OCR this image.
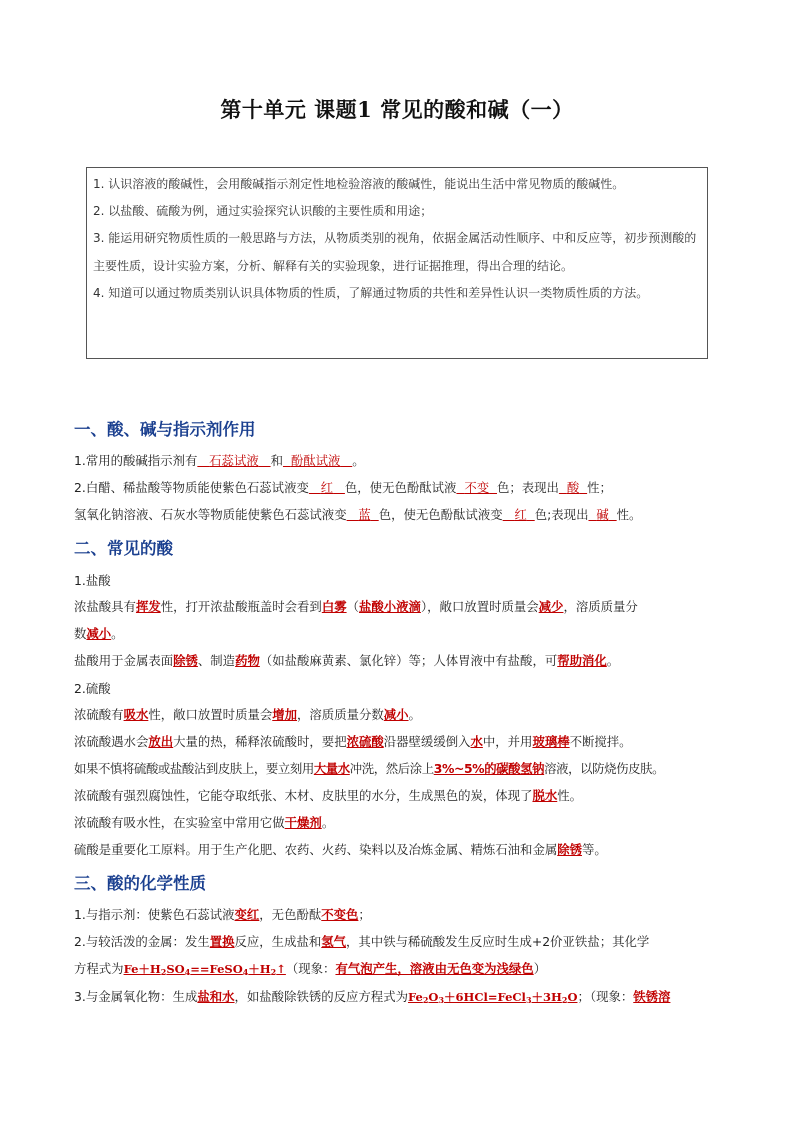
第十单元 课题1 常见的酸和碱（一）
1. 认识溶液的酸碱性，会用酸碱指示剂定性地检验溶液的酸碱性，能说出生活中常见物质的酸碱性。
2. 以盐酸、硫酸为例，通过实验探究认识酸的主要性质和用途；
3. 能运用研究物质性质的一般思路与方法，从物质类别的视角，依据金属活动性顺序、中和反应等，初步预测酸的主要性质，设计实验方案，分析、解释有关的实验现象，进行证据推理，得出合理的结论。
4. 知道可以通过物质类别认识具体物质的性质，了解通过物质的共性和差异性认识一类物质性质的方法。
一、酸、碱与指示剂作用
1.常用的酸碱指示剂有 石蕊试液 和 酚酞试液 。
2.白醋、稀盐酸等物质能使紫色石蕊试液变 红 色，使无色酚酞试液 不变 色；表现出 酸 性；
氢氧化钠溶液、石灰水等物质能使紫色石蕊试液变 蓝 色，使无色酚酞试液变 红 色;表现出 碱 性。
二、常见的酸
1.盐酸
浓盐酸具有挥发性，打开浓盐酸瓶盖时会看到白雾（盐酸小液滴），敞口放置时质量会减少，溶质质量分
数减小。
盐酸用于金属表面除锈、制造药物（如盐酸麻黄素、氯化锌）等；人体胃液中有盐酸，可帮助消化。
2.硫酸
浓硫酸有吸水性，敞口放置时质量会增加，溶质质量分数减小。
浓硫酸遇水会放出大量的热，稀释浓硫酸时，要把浓硫酸沿器壁缓缓倒入水中，并用玻璃棒不断搅拌。
如果不慎将硫酸或盐酸沾到皮肤上，要立刻用大量水冲洗，然后涂上3%~5%的碳酸氢钠溶液，以防烧伤皮肤。
浓硫酸有强烈腐蚀性，它能夺取纸张、木材、皮肤里的水分，生成黑色的炭，体现了脱水性。
浓硫酸有吸水性，在实验室中常用它做干燥剂。
硫酸是重要化工原料。用于生产化肥、农药、火药、染料以及冶炼金属、精炼石油和金属除锈等。
三、酸的化学性质
1.与指示剂：使紫色石蕊试液变红，无色酚酞不变色；
2.与较活泼的金属：发生置换反应，生成盐和氢气，其中铁与稀硫酸发生反应时生成+2价亚铁盐；其化学
方程式为$Fe+H_2SO_4==FeSO_4+H_2↑$（现象：有气泡产生，溶液由无色变为浅绿色）
3.与金属氧化物：生成盐和水，如盐酸除铁锈的反应方程式为$Fe_2O_3+6HCl=FeCl_3+3H_2O$；（现象：铁锈溶
